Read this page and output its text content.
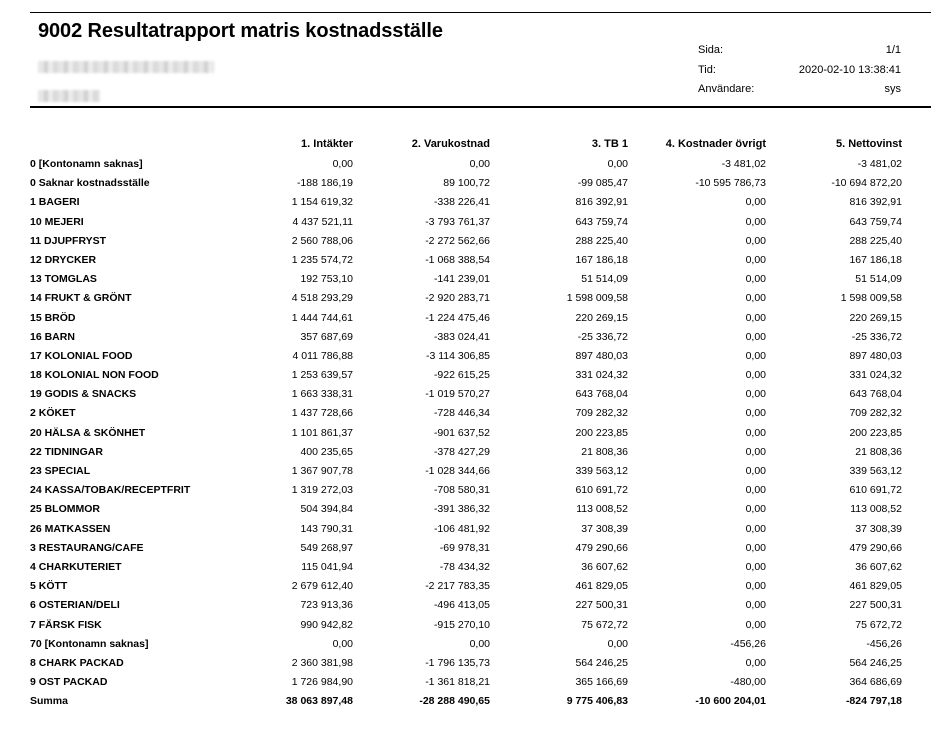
9002 Resultatrapport matris kostnadsställe
Sida:	1/1
Tid:	2020-02-10 13:38:41
Användare:	sys
1. Intäkter	2. Varukostnad	3. TB 1	4. Kostnader övrigt	5. Nettovinst
0 [Kontonamn saknas]	0,00	0,00	0,00	-3 481,02	-3 481,02
0 Saknar kostnadsställe	-188 186,19	89 100,72	-99 085,47	-10 595 786,73	-10 694 872,20
1 BAGERI	1 154 619,32	-338 226,41	816 392,91	0,00	816 392,91
10 MEJERI	4 437 521,11	-3 793 761,37	643 759,74	0,00	643 759,74
11 DJUPFRYST	2 560 788,06	-2 272 562,66	288 225,40	0,00	288 225,40
12 DRYCKER	1 235 574,72	-1 068 388,54	167 186,18	0,00	167 186,18
13 TOMGLAS	192 753,10	-141 239,01	51 514,09	0,00	51 514,09
14 FRUKT & GRÖNT	4 518 293,29	-2 920 283,71	1 598 009,58	0,00	1 598 009,58
15 BRÖD	1 444 744,61	-1 224 475,46	220 269,15	0,00	220 269,15
16 BARN	357 687,69	-383 024,41	-25 336,72	0,00	-25 336,72
17 KOLONIAL FOOD	4 011 786,88	-3 114 306,85	897 480,03	0,00	897 480,03
18 KOLONIAL NON FOOD	1 253 639,57	-922 615,25	331 024,32	0,00	331 024,32
19 GODIS & SNACKS	1 663 338,31	-1 019 570,27	643 768,04	0,00	643 768,04
2 KÖKET	1 437 728,66	-728 446,34	709 282,32	0,00	709 282,32
20 HÄLSA & SKÖNHET	1 101 861,37	-901 637,52	200 223,85	0,00	200 223,85
22 TIDNINGAR	400 235,65	-378 427,29	21 808,36	0,00	21 808,36
23 SPECIAL	1 367 907,78	-1 028 344,66	339 563,12	0,00	339 563,12
24 KASSA/TOBAK/RECEPTFRIT	1 319 272,03	-708 580,31	610 691,72	0,00	610 691,72
25 BLOMMOR	504 394,84	-391 386,32	113 008,52	0,00	113 008,52
26 MATKASSEN	143 790,31	-106 481,92	37 308,39	0,00	37 308,39
3 RESTAURANG/CAFE	549 268,97	-69 978,31	479 290,66	0,00	479 290,66
4 CHARKUTERIET	115 041,94	-78 434,32	36 607,62	0,00	36 607,62
5 KÖTT	2 679 612,40	-2 217 783,35	461 829,05	0,00	461 829,05
6 OSTERIAN/DELI	723 913,36	-496 413,05	227 500,31	0,00	227 500,31
7 FÄRSK FISK	990 942,82	-915 270,10	75 672,72	0,00	75 672,72
70 [Kontonamn saknas]	0,00	0,00	0,00	-456,26	-456,26
8 CHARK PACKAD	2 360 381,98	-1 796 135,73	564 246,25	0,00	564 246,25
9 OST PACKAD	1 726 984,90	-1 361 818,21	365 166,69	-480,00	364 686,69
Summa	38 063 897,48	-28 288 490,65	9 775 406,83	-10 600 204,01	-824 797,18
